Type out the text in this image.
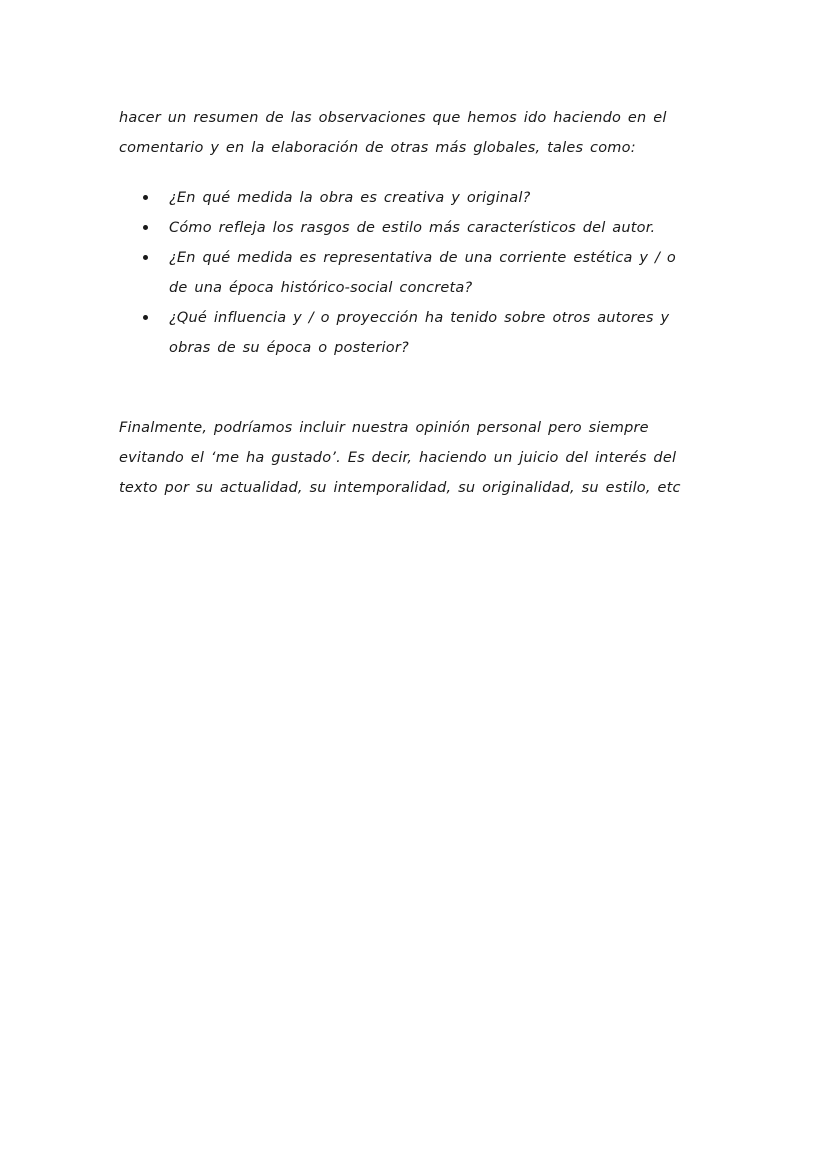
hacer un resumen de las observaciones que hemos ido haciendo en el
comentario y en la elaboración de otras más globales, tales como:
¿En qué medida la obra es creativa y original?
Cómo refleja los rasgos de estilo más característicos del autor.
¿En qué medida es representativa de una corriente estética y / o
de una época histórico-social concreta?
¿Qué influencia y / o proyección ha tenido sobre otros autores y
obras de su época o posterior?
Finalmente, podríamos incluir nuestra opinión personal pero siempre
evitando el ‘me ha gustado’. Es decir, haciendo un juicio del interés del
texto por su actualidad, su intemporalidad, su originalidad, su estilo, etc
